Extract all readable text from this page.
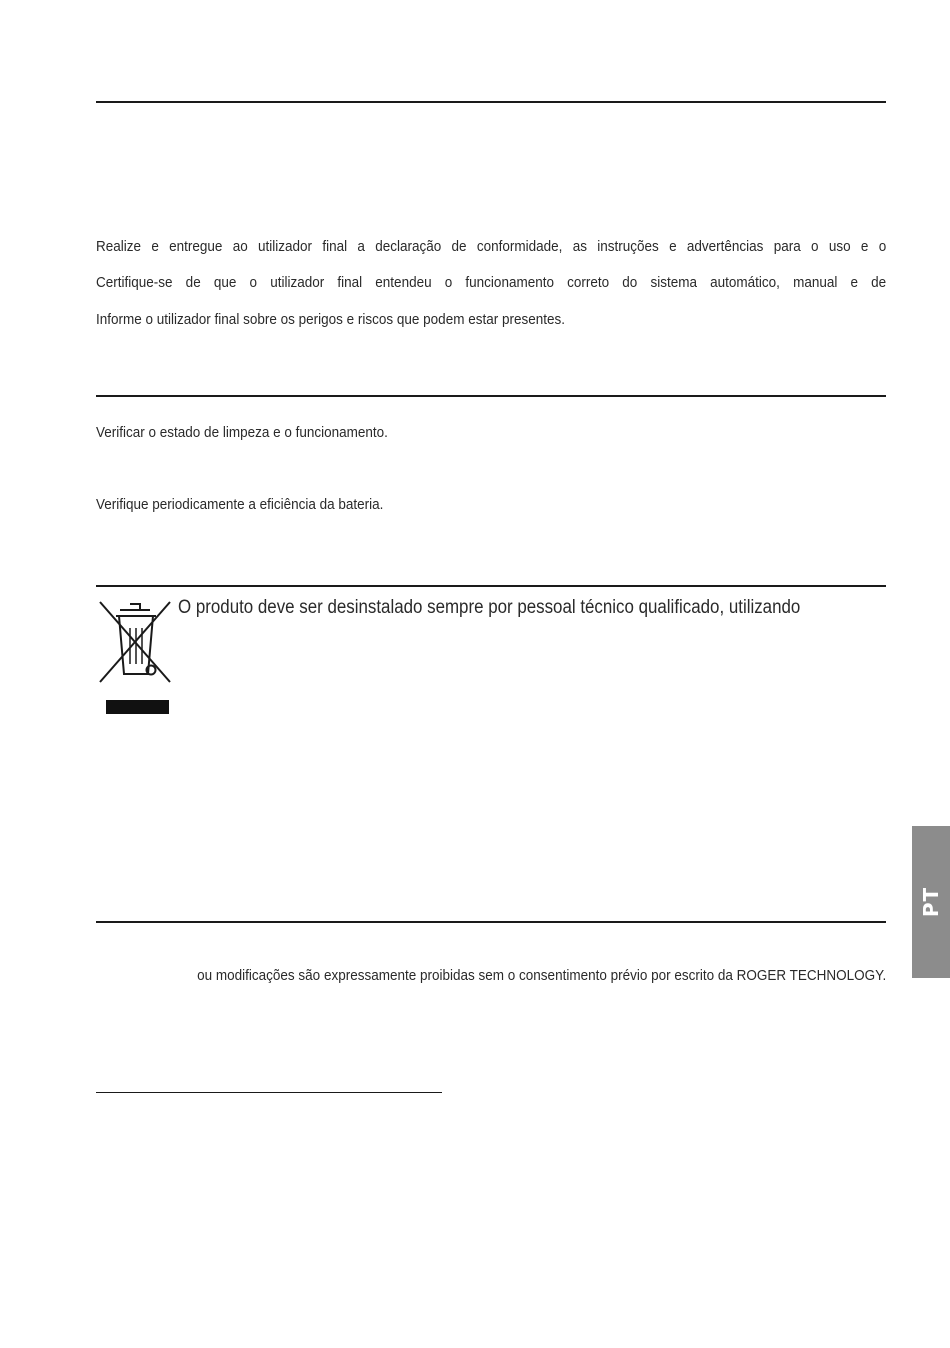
Realize e entregue ao utilizador final a declaração de conformidade, as instruções e advertências para o uso e o

Certifique-se de que o utilizador final entendeu o funcionamento correto do sistema automático, manual e de

Informe o utilizador final sobre os perigos e riscos que podem estar presentes.

Verificar o estado de limpeza e o funcionamento.

Verifique periodicamente a eficiência da bateria.

O produto deve ser desinstalado sempre por pessoal técnico qualificado, utilizando

ou modificações são expressamente proibidas sem o consentimento prévio por escrito da ROGER TECHNOLOGY.

PT
